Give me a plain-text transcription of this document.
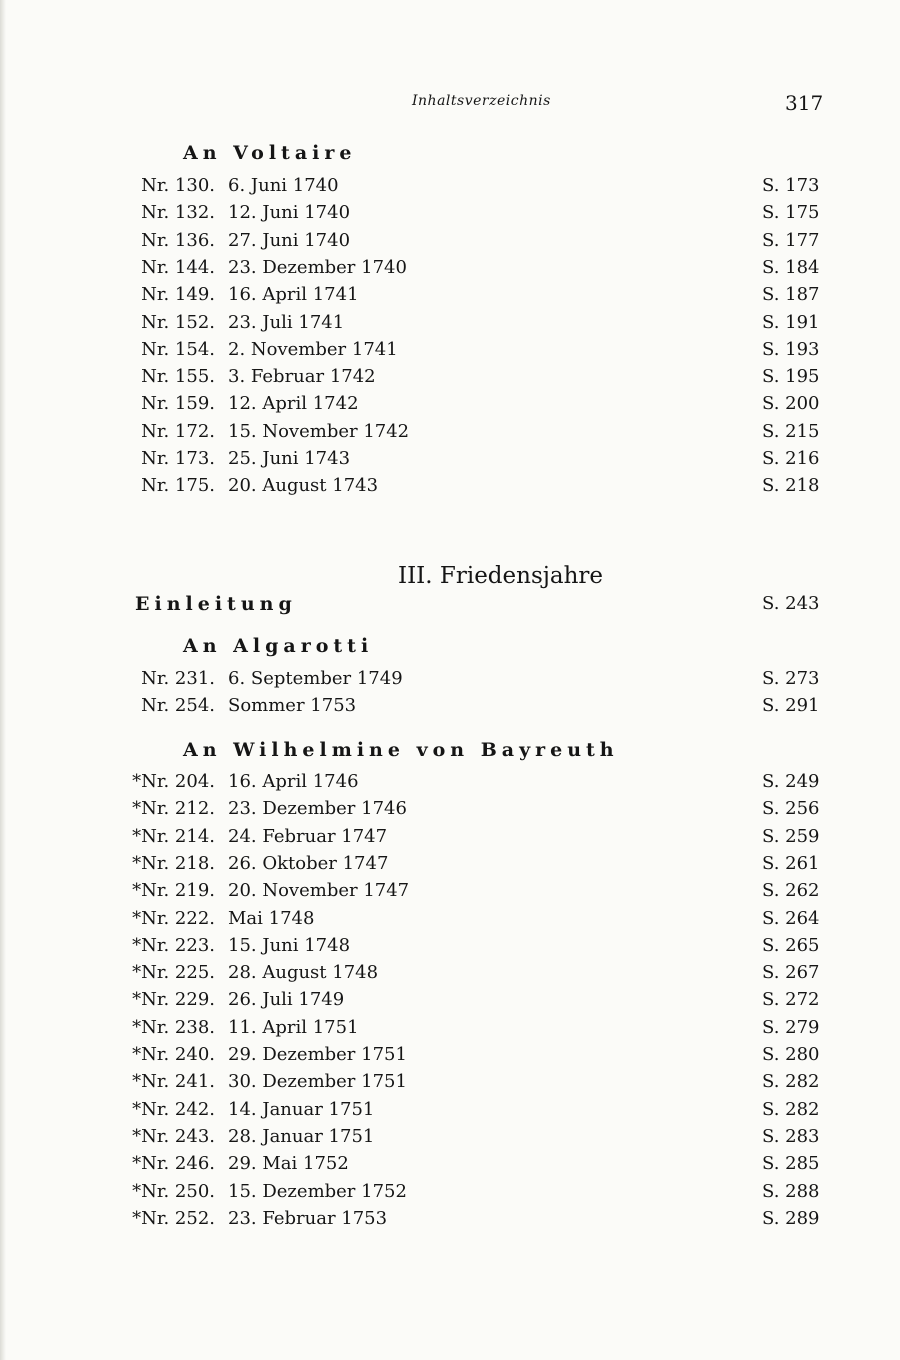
Inhaltsverzeichnis	317
An Voltaire
Nr. 130. 6. Juni 1740	S. 173
Nr. 132. 12. Juni 1740	S. 175
Nr. 136. 27. Juni 1740	S. 177
Nr. 144. 23. Dezember 1740	S. 184
Nr. 149. 16. April 1741	S. 187
Nr. 152. 23. Juli 1741	S. 191
Nr. 154. 2. November 1741	S. 193
Nr. 155. 3. Februar 1742	S. 195
Nr. 159. 12. April 1742	S. 200
Nr. 172. 15. November 1742	S. 215
Nr. 173. 25. Juni 1743	S. 216
Nr. 175. 20. August 1743	S. 218
III. Friedensjahre
Einleitung	S. 243
An Algarotti
Nr. 231. 6. September 1749	S. 273
Nr. 254. Sommer 1753	S. 291
An Wilhelmine von Bayreuth
*Nr. 204. 16. April 1746	S. 249
*Nr. 212. 23. Dezember 1746	S. 256
*Nr. 214. 24. Februar 1747	S. 259
*Nr. 218. 26. Oktober 1747	S. 261
*Nr. 219. 20. November 1747	S. 262
*Nr. 222. Mai 1748	S. 264
*Nr. 223. 15. Juni 1748	S. 265
*Nr. 225. 28. August 1748	S. 267
*Nr. 229. 26. Juli 1749	S. 272
*Nr. 238. 11. April 1751	S. 279
*Nr. 240. 29. Dezember 1751	S. 280
*Nr. 241. 30. Dezember 1751	S. 282
*Nr. 242. 14. Januar 1751	S. 282
*Nr. 243. 28. Januar 1751	S. 283
*Nr. 246. 29. Mai 1752	S. 285
*Nr. 250. 15. Dezember 1752	S. 288
*Nr. 252. 23. Februar 1753	S. 289
